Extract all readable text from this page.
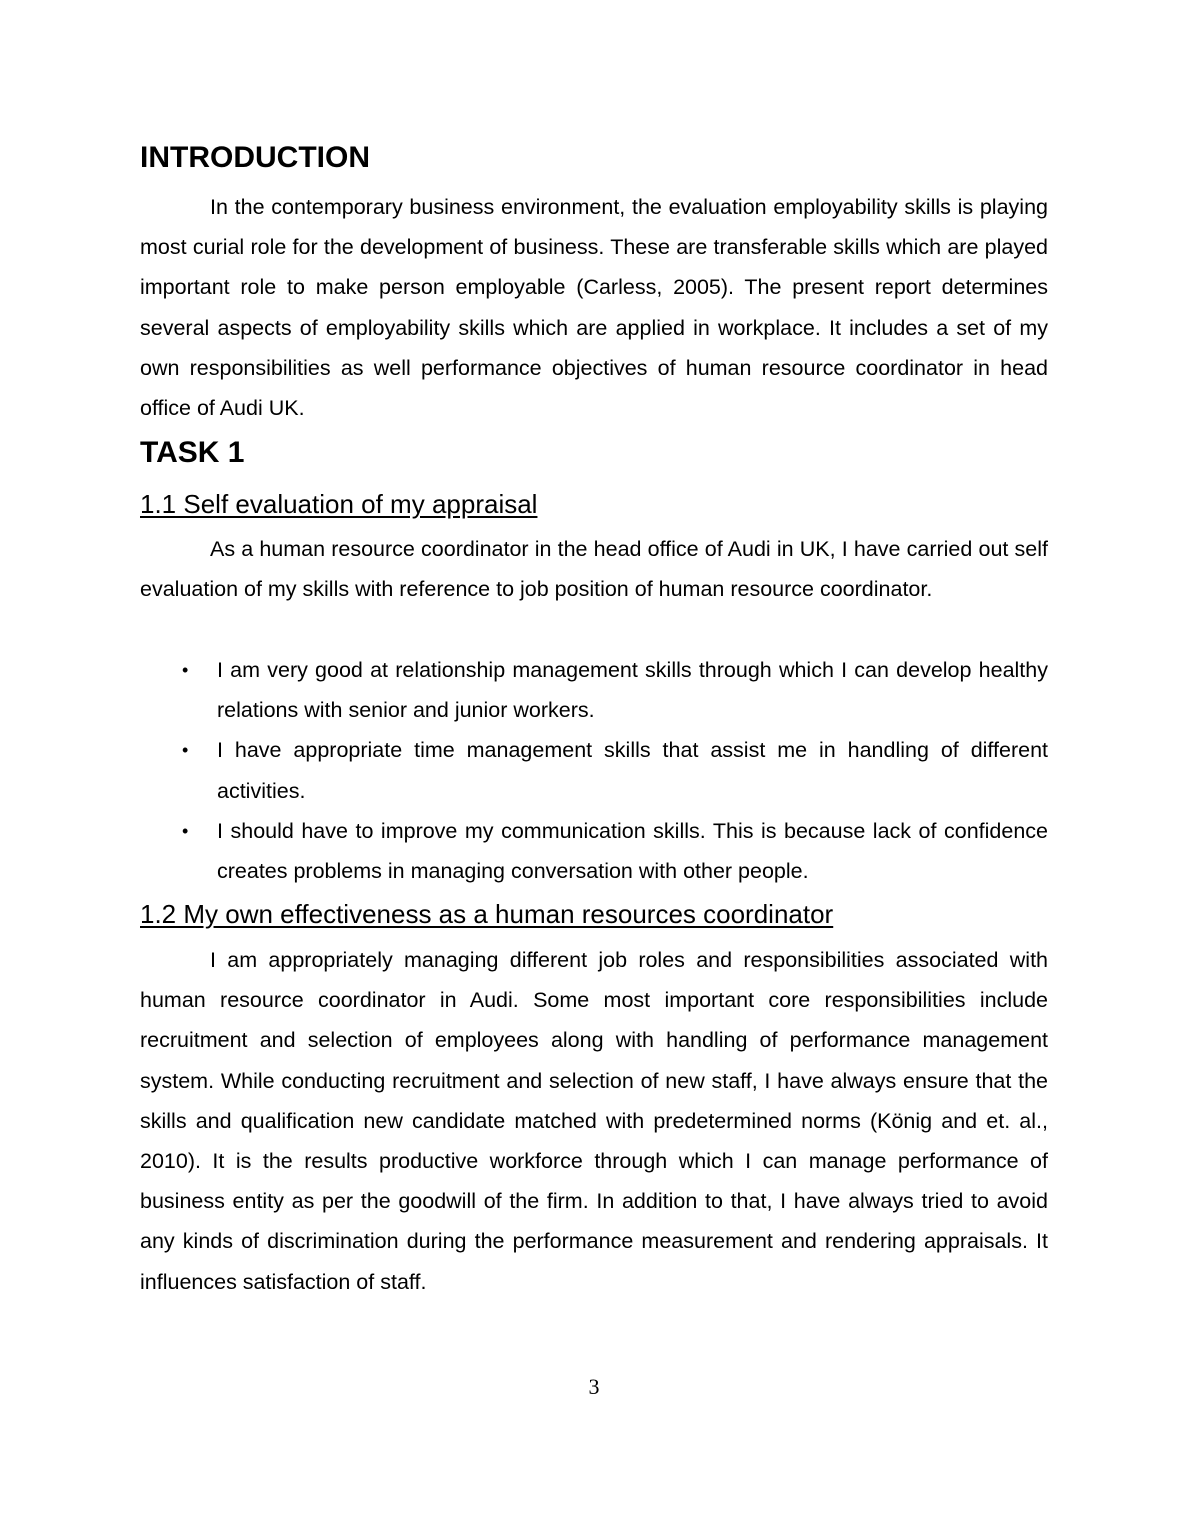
INTRODUCTION

In the contemporary business environment, the evaluation employability skills is playing most curial role for the development of business. These are transferable skills which are played important role to make person employable (Carless, 2005). The present report determines several aspects of employability skills which are applied in workplace. It includes a set of my own responsibilities as well performance objectives of human resource coordinator in head office of Audi UK.

TASK 1
1.1 Self evaluation of my appraisal

As a human resource coordinator in the head office of Audi in UK, I have carried out self evaluation of my skills with reference to job position of human resource coordinator.

• I am very good at relationship management skills through which I can develop healthy relations with senior and junior workers.
• I have appropriate time management skills that assist me in handling of different activities.
• I should have to improve my communication skills. This is because lack of confidence creates problems in managing conversation with other people.
1.2 My own effectiveness as a human resources coordinator

I am appropriately managing different job roles and responsibilities associated with human resource coordinator in Audi. Some most important core responsibilities include recruitment and selection of employees along with handling of performance management system. While conducting recruitment and selection of new staff, I have always ensure that the skills and qualification new candidate matched with predetermined norms (König and et. al., 2010). It is the results productive workforce through which I can manage performance of business entity as per the goodwill of the firm. In addition to that, I have always tried to avoid any kinds of discrimination during the performance measurement and rendering appraisals. It influences satisfaction of staff.

3
